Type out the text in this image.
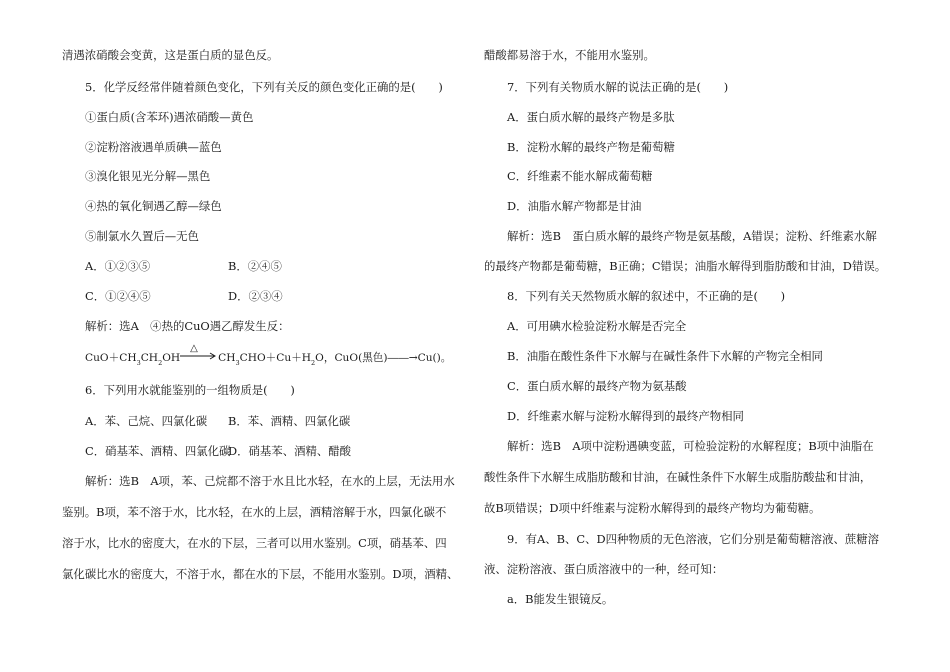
清遇浓硝酸会变黄，这是蛋白质的显色反。
5．化学反经常伴随着颜色变化，下列有关反的颜色变化正确的是(　　)
①蛋白质(含苯环)遇浓硝酸—黄色
②淀粉溶液遇单质碘—蓝色
③溴化银见光分解—黑色
④热的氧化铜遇乙醇—绿色
⑤制氯水久置后—无色
A．①②③⑤	B．②④⑤
C．①②④⑤	D．②③④
解析：选A　④热的CuO遇乙醇发生反：
$CuO+CH_3CH_2OH$
△
$CH_3CHO+Cu+H_2O$，CuO(黑色)――→Cu()。
6．下列用水就能鉴别的一组物质是(　　)
A．苯、己烷、四氯化碳 B．苯、酒精、四氯化碳
C．硝基苯、酒精、四氯化碳
D．硝基苯、酒精、醋酸
解析：选B　A项，苯、己烷都不溶于水且比水轻，在水的上层，无法用水
鉴别。B项，苯不溶于水，比水轻，在水的上层，酒精溶解于水，四氯化碳不
溶于水，比水的密度大，在水的下层，三者可以用水鉴别。C项，硝基苯、四
氯化碳比水的密度大，不溶于水，都在水的下层，不能用水鉴别。D项，酒精、
醋酸都易溶于水，不能用水鉴别。
7．下列有关物质水解的说法正确的是(　　)
A．蛋白质水解的最终产物是多肽
B．淀粉水解的最终产物是葡萄糖
C．纤维素不能水解成葡萄糖
D．油脂水解产物都是甘油
解析：选B　蛋白质水解的最终产物是氨基酸，A错误；淀粉、纤维素水解
的最终产物都是葡萄糖，B正确；C错误；油脂水解得到脂肪酸和甘油，D错误。
8．下列有关天然物质水解的叙述中，不正确的是(　　)
A．可用碘水检验淀粉水解是否完全
B．油脂在酸性条件下水解与在碱性条件下水解的产物完全相同
C．蛋白质水解的最终产物为氨基酸
D．纤维素水解与淀粉水解得到的最终产物相同
解析：选B　A项中淀粉遇碘变蓝，可检验淀粉的水解程度；B项中油脂在
酸性条件下水解生成脂肪酸和甘油，在碱性条件下水解生成脂肪酸盐和甘油，
故B项错误；D项中纤维素与淀粉水解得到的最终产物均为葡萄糖。
9．有A、B、C、D四种物质的无色溶液，它们分别是葡萄糖溶液、蔗糖溶
液、淀粉溶液、蛋白质溶液中的一种，经可知：
a．B能发生银镜反。
